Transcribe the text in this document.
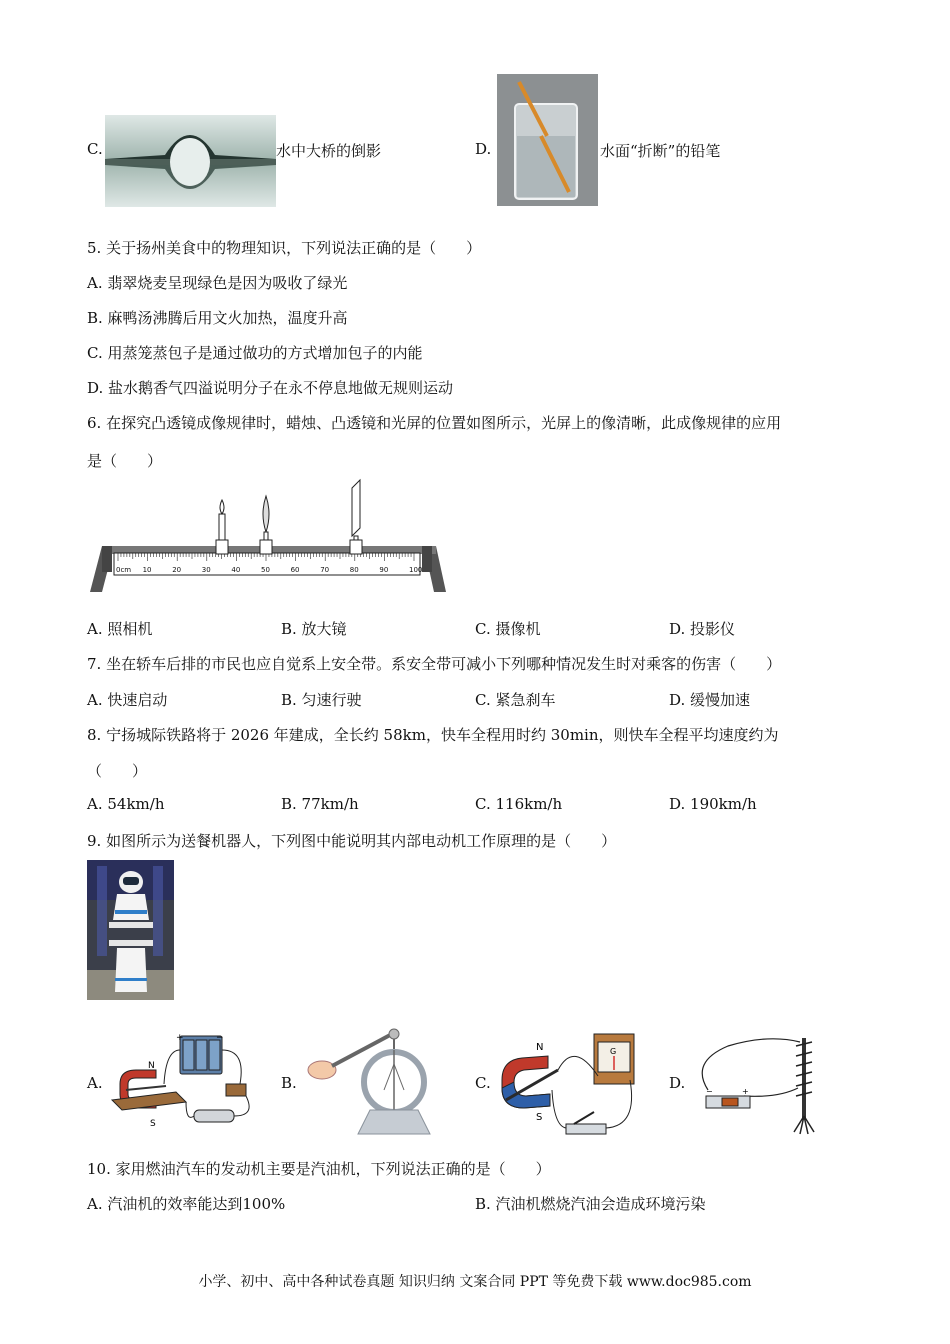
C.	水中大桥的倒影	D.	水面“折断”的铅笔
5. 关于扬州美食中的物理知识，下列说法正确的是（　　）
A. 翡翠烧麦呈现绿色是因为吸收了绿光
B. 麻鸭汤沸腾后用文火加热，温度升高
C. 用蒸笼蒸包子是通过做功的方式增加包子的内能
D. 盐水鹅香气四溢说明分子在永不停息地做无规则运动
6. 在探究凸透镜成像规律时，蜡烛、凸透镜和光屏的位置如图所示，光屏上的像清晰，此成像规律的应用
是（　　）
0cm 10	20	30	40	50	60	70	80	90	100
A. 照相机	B. 放大镜	C. 摄像机	D. 投影仪
7. 坐在轿车后排的市民也应自觉系上安全带。系安全带可减小下列哪种情况发生时对乘客的伤害（　　）
A. 快速启动	B. 匀速行驶	C. 紧急刹车	D. 缓慢加速
8. 宁扬城际铁路将于 2026 年建成，全长约 58km，快车全程用时约 30min，则快车全程平均速度约为
（　　）
A. 54km/h	B. 77km/h	C. 116km/h	D. 190km/h
9. 如图所示为送餐机器人，下列图中能说明其内部电动机工作原理的是（　　）
A.
+	−
N
S
B.	C.
N
S
G
D.	−	+
10. 家用燃油汽车的发动机主要是汽油机，下列说法正确的是（　　）
A. 汽油机的效率能达到100%	B. 汽油机燃烧汽油会造成环境污染
小学、初中、高中各种试卷真题 知识归纳 文案合同 PPT 等免费下载 www.doc985.com
